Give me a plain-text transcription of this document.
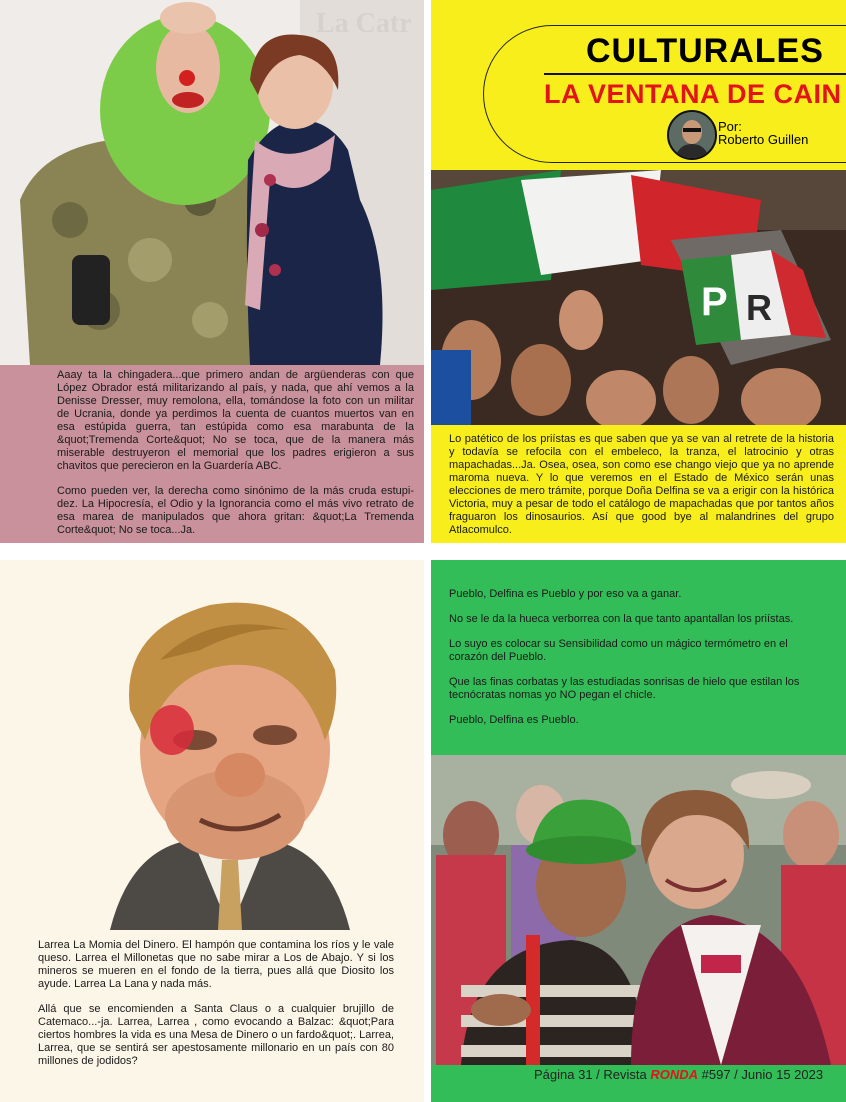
La Catr

Aaay ta la chingadera...que primero andan de argüenderas con que López Obrador está militarizando al país, y nada, que ahí vemos a la Denisse Dresser, muy remolona, ella, tomándose la foto con un militar de Ucrania, donde ya perdimos la cuenta de cuantos muertos van en esa estúpida guerra, tan estúpida como esa marabunta de la &quot;Tremenda Corte&quot; No se toca, que de la manera más miserable destruyeron el memorial que los padres erigieron a sus chavitos que perecieron en la Guardería ABC.

Como pueden ver, la derecha como sinónimo de la más cruda estupi-dez. La Hipocresía, el Odio y la Ignorancia como el más vivo retrato de esa marea de manipulados que ahora gritan: &quot;La Tremenda Corte&quot; No se toca...Ja.

CULTURALES
LA VENTANA DE CAIN
Por:
Roberto Guillen
P R

Lo patético de los priístas es que saben que ya se van al retrete de la historia y todavía se refocila con el embeleco, la tranza, el latrocinio y otras mapachadas...Ja. Osea, osea, son como ese chango viejo que ya no aprende maroma nueva. Y lo que veremos en el Estado de México serán unas elecciones de mero trámite, porque Doña Delfina se va a erigir con la histórica Victoria, muy a pesar de todo el catálogo de mapachadas que por tantos años fraguaron los dinosaurios. Así que good bye al malandrines del grupo Atlacomulco.

Larrea La Momia del Dinero. El hampón que contamina los ríos y le vale queso. Larrea el Millonetas que no sabe mirar a Los de Abajo. Y si los mineros se mueren en el fondo de la tierra, pues allá que Diosito los ayude. Larrea La Lana y nada más.

Allá que se encomienden a Santa Claus o a cualquier brujillo de Catemaco...-ja. Larrea, Larrea , como evocando a Balzac: &quot;Para ciertos hombres la vida es una Mesa de Dinero o un fardo&quot;. Larrea, Larrea, que se sentirá ser apestosamente millonario en un país con 80 millones de jodidos?

Pueblo, Delfina es Pueblo y por eso va a ganar.

No se le da la hueca verborrea con la que tanto apantallan los priístas.

Lo suyo es colocar su Sensibilidad como un mágico termómetro en el corazón del Pueblo.

Que las finas corbatas y las estudiadas sonrisas de hielo que estilan los tecnócratas nomas yo NO pegan el chicle.

Pueblo, Delfina es Pueblo.

Página 31 / Revista RONDA #597 / Junio 15 2023
